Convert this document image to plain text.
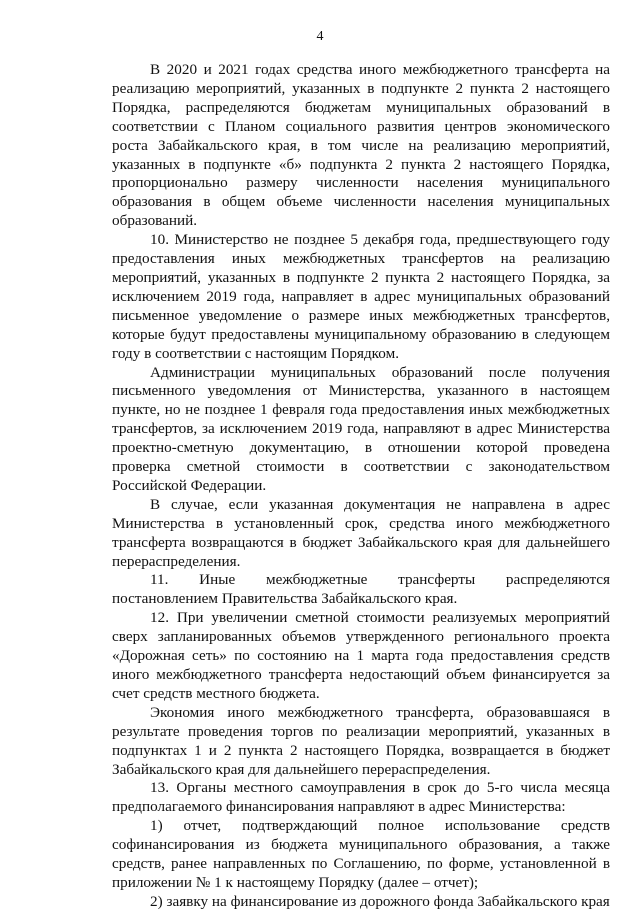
4

В 2020 и 2021 годах средства иного межбюджетного трансферта на реализацию мероприятий, указанных в подпункте 2 пункта 2 настоящего Порядка, распределяются бюджетам муниципальных образований в соответствии с Планом социального развития центров экономического роста Забайкальского края, в том числе на реализацию мероприятий, указанных в подпункте «б» подпункта 2 пункта 2 настоящего Порядка, пропорционально размеру численности населения муниципального образования в общем объеме численности населения муниципальных образований.

10. Министерство не позднее 5 декабря года, предшествующего году предоставления иных межбюджетных трансфертов на реализацию мероприятий, указанных в подпункте 2 пункта 2 настоящего Порядка, за исключением 2019 года, направляет в адрес муниципальных образований письменное уведомление о размере иных межбюджетных трансфертов, которые будут предоставлены муниципальному образованию в следующем году в соответствии с настоящим Порядком.

Администрации муниципальных образований после получения письменного уведомления от Министерства, указанного в настоящем пункте, но не позднее 1 февраля года предоставления иных межбюджетных трансфертов, за исключением 2019 года, направляют в адрес Министерства проектно-сметную документацию, в отношении которой проведена проверка сметной стоимости в соответствии с законодательством Российской Федерации.

В случае, если указанная документация не направлена в адрес Министерства в установленный срок, средства иного межбюджетного трансферта возвращаются в бюджет Забайкальского края для дальнейшего перераспределения.

11. Иные межбюджетные трансферты распределяются постановлением Правительства Забайкальского края.

12. При увеличении сметной стоимости реализуемых мероприятий сверх запланированных объемов утвержденного регионального проекта «Дорожная сеть» по состоянию на 1 марта года предоставления средств иного межбюджетного трансферта недостающий объем финансируется за счет средств местного бюджета.

Экономия иного межбюджетного трансферта, образовавшаяся в результате проведения торгов по реализации мероприятий, указанных в подпунктах 1 и 2 пункта 2 настоящего Порядка, возвращается в бюджет Забайкальского края для дальнейшего перераспределения.

13. Органы местного самоуправления в срок до 5-го числа месяца предполагаемого финансирования направляют в адрес Министерства:

1) отчет, подтверждающий полное использование средств софинансирования из бюджета муниципального образования, а также средств, ранее направленных по Соглашению, по форме, установленной в приложении № 1 к настоящему Порядку (далее – отчет);

2) заявку на финансирование из дорожного фонда Забайкальского края
